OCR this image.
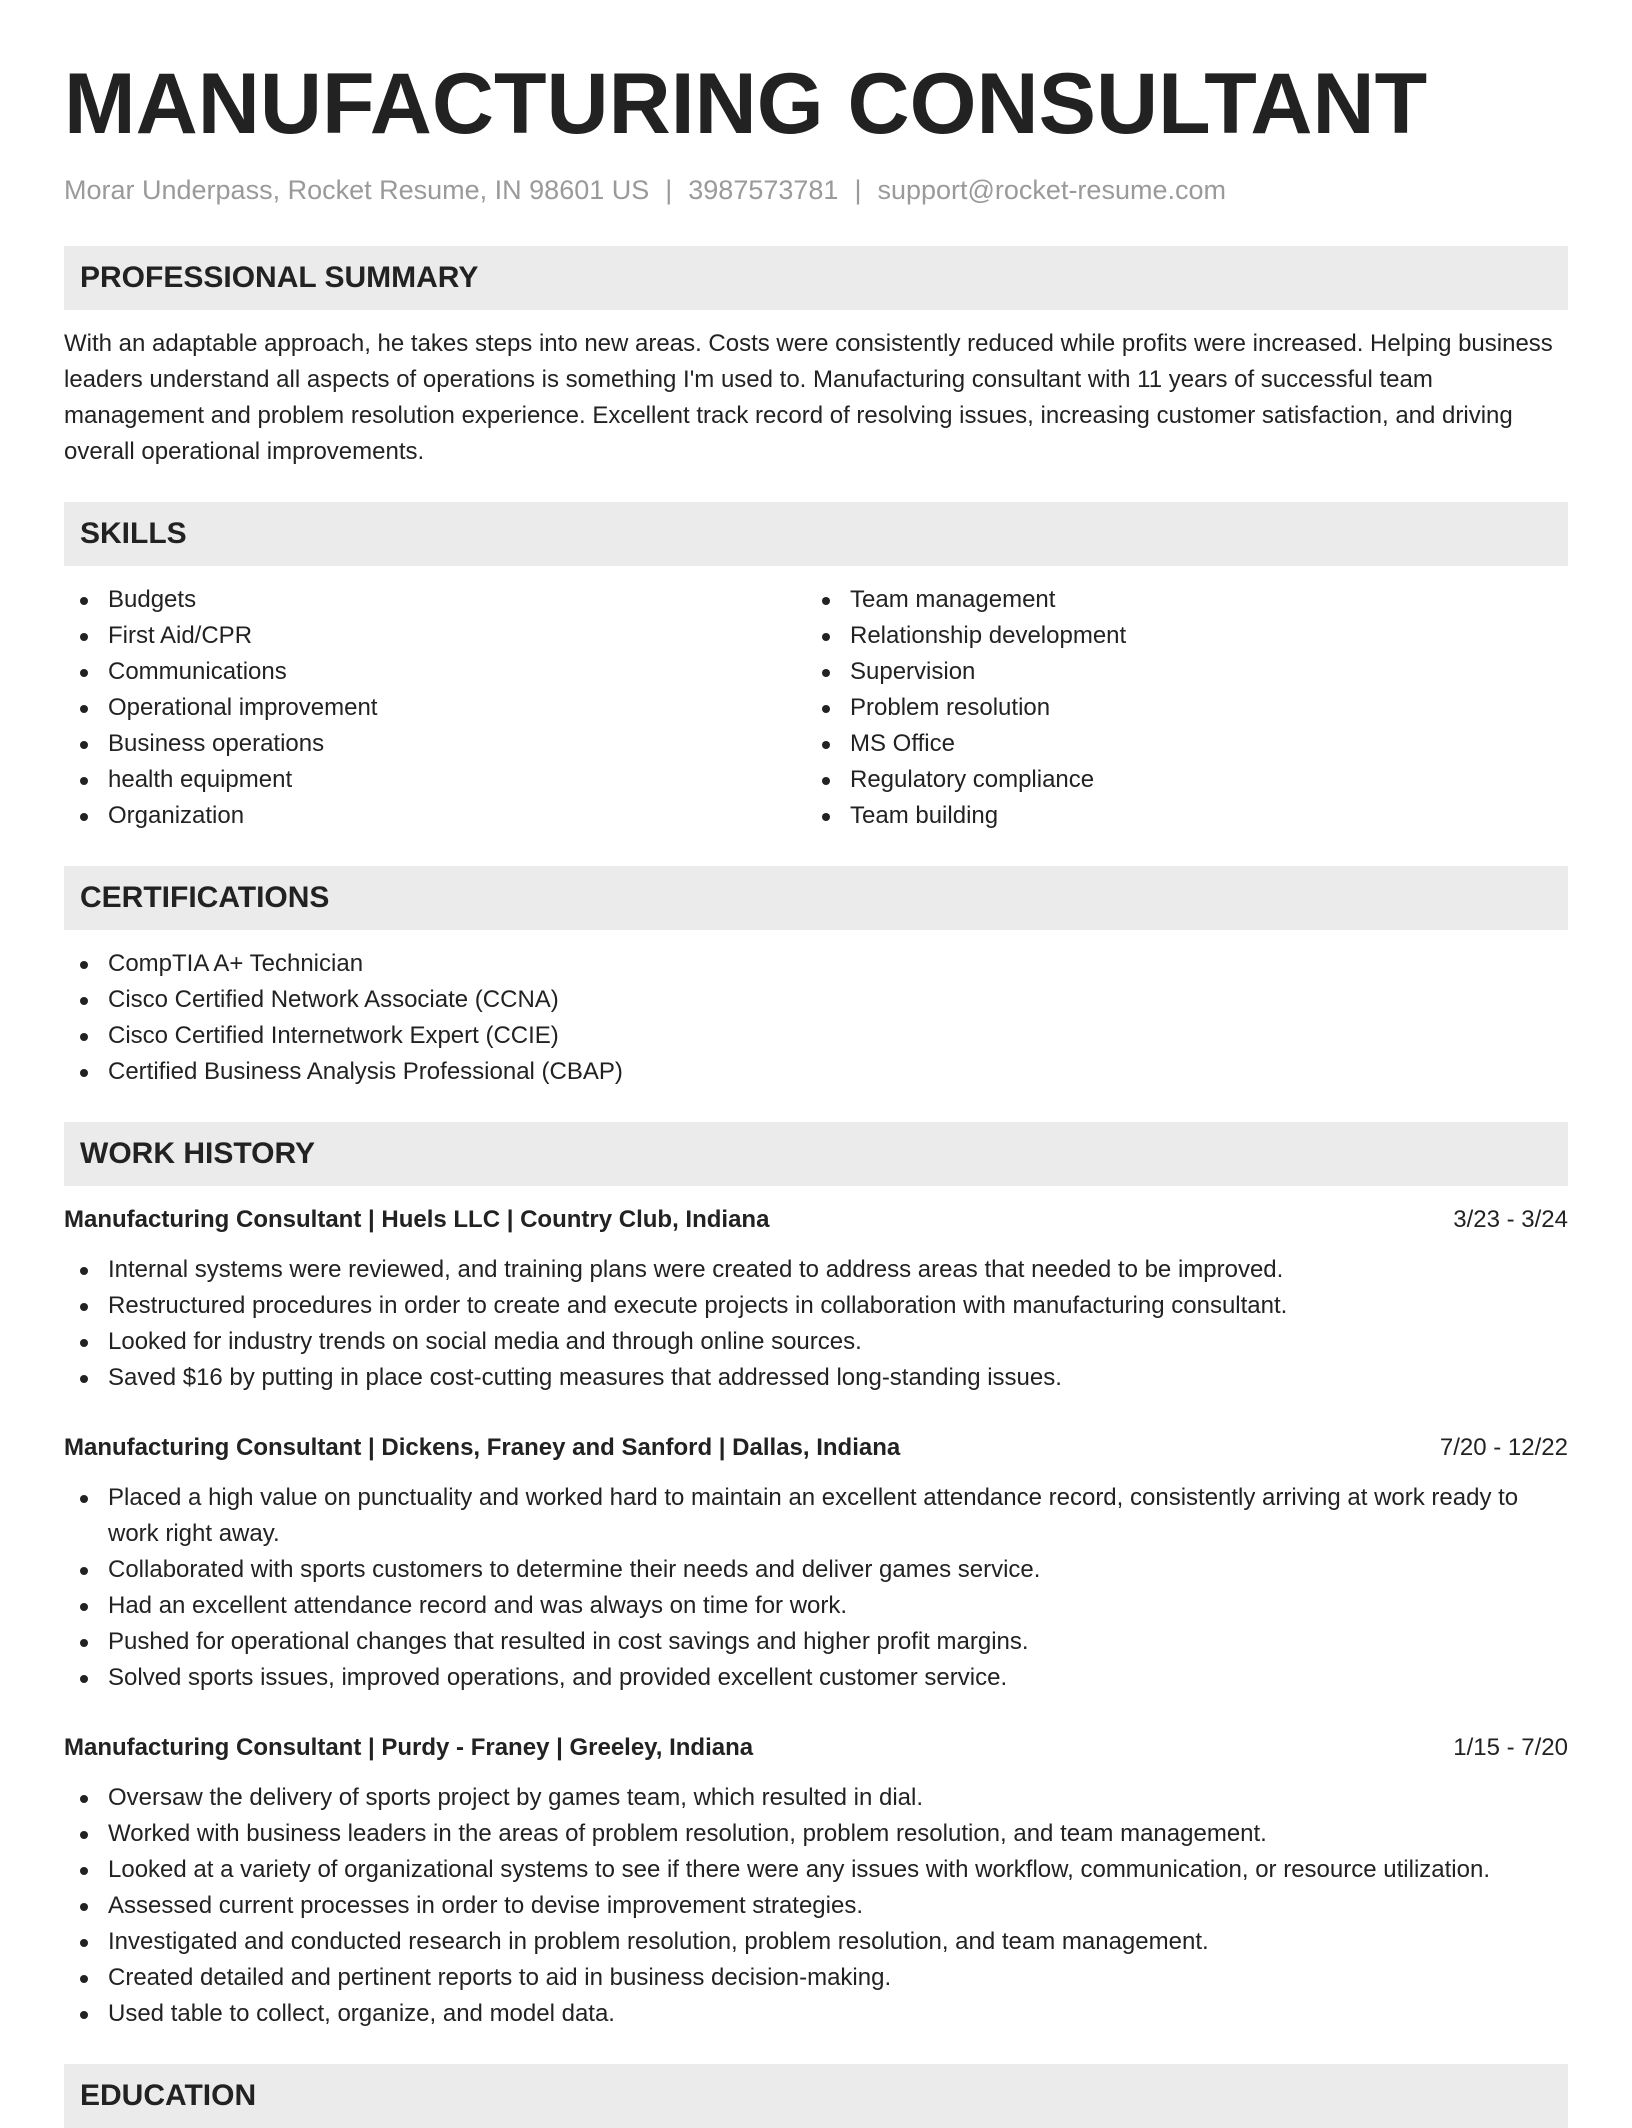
MANUFACTURING CONSULTANT
Morar Underpass, Rocket Resume, IN 98601 US | 3987573781 | support@rocket-resume.com
PROFESSIONAL SUMMARY

With an adaptable approach, he takes steps into new areas. Costs were consistently reduced while profits were increased. Helping business leaders understand all aspects of operations is something I'm used to. Manufacturing consultant with 11 years of successful team management and problem resolution experience. Excellent track record of resolving issues, increasing customer satisfaction, and driving overall operational improvements.

SKILLS
Budgets
First Aid/CPR
Communications
Operational improvement
Business operations
health equipment
Organization
Team management
Relationship development
Supervision
Problem resolution
MS Office
Regulatory compliance
Team building
CERTIFICATIONS
CompTIA A+ Technician
Cisco Certified Network Associate (CCNA)
Cisco Certified Internetwork Expert (CCIE)
Certified Business Analysis Professional (CBAP)
WORK HISTORY
Manufacturing Consultant | Huels LLC | Country Club, Indiana	3/23 - 3/24
Internal systems were reviewed, and training plans were created to address areas that needed to be improved.
Restructured procedures in order to create and execute projects in collaboration with manufacturing consultant.
Looked for industry trends on social media and through online sources.
Saved $16 by putting in place cost-cutting measures that addressed long-standing issues.
Manufacturing Consultant | Dickens, Franey and Sanford | Dallas, Indiana	7/20 - 12/22
Placed a high value on punctuality and worked hard to maintain an excellent attendance record, consistently arriving at work ready to work right away.
Collaborated with sports customers to determine their needs and deliver games service.
Had an excellent attendance record and was always on time for work.
Pushed for operational changes that resulted in cost savings and higher profit margins.
Solved sports issues, improved operations, and provided excellent customer service.
Manufacturing Consultant | Purdy - Franey | Greeley, Indiana	1/15 - 7/20
Oversaw the delivery of sports project by games team, which resulted in dial.
Worked with business leaders in the areas of problem resolution, problem resolution, and team management.
Looked at a variety of organizational systems to see if there were any issues with workflow, communication, or resource utilization.
Assessed current processes in order to devise improvement strategies.
Investigated and conducted research in problem resolution, problem resolution, and team management.
Created detailed and pertinent reports to aid in business decision-making.
Used table to collect, organize, and model data.
EDUCATION
